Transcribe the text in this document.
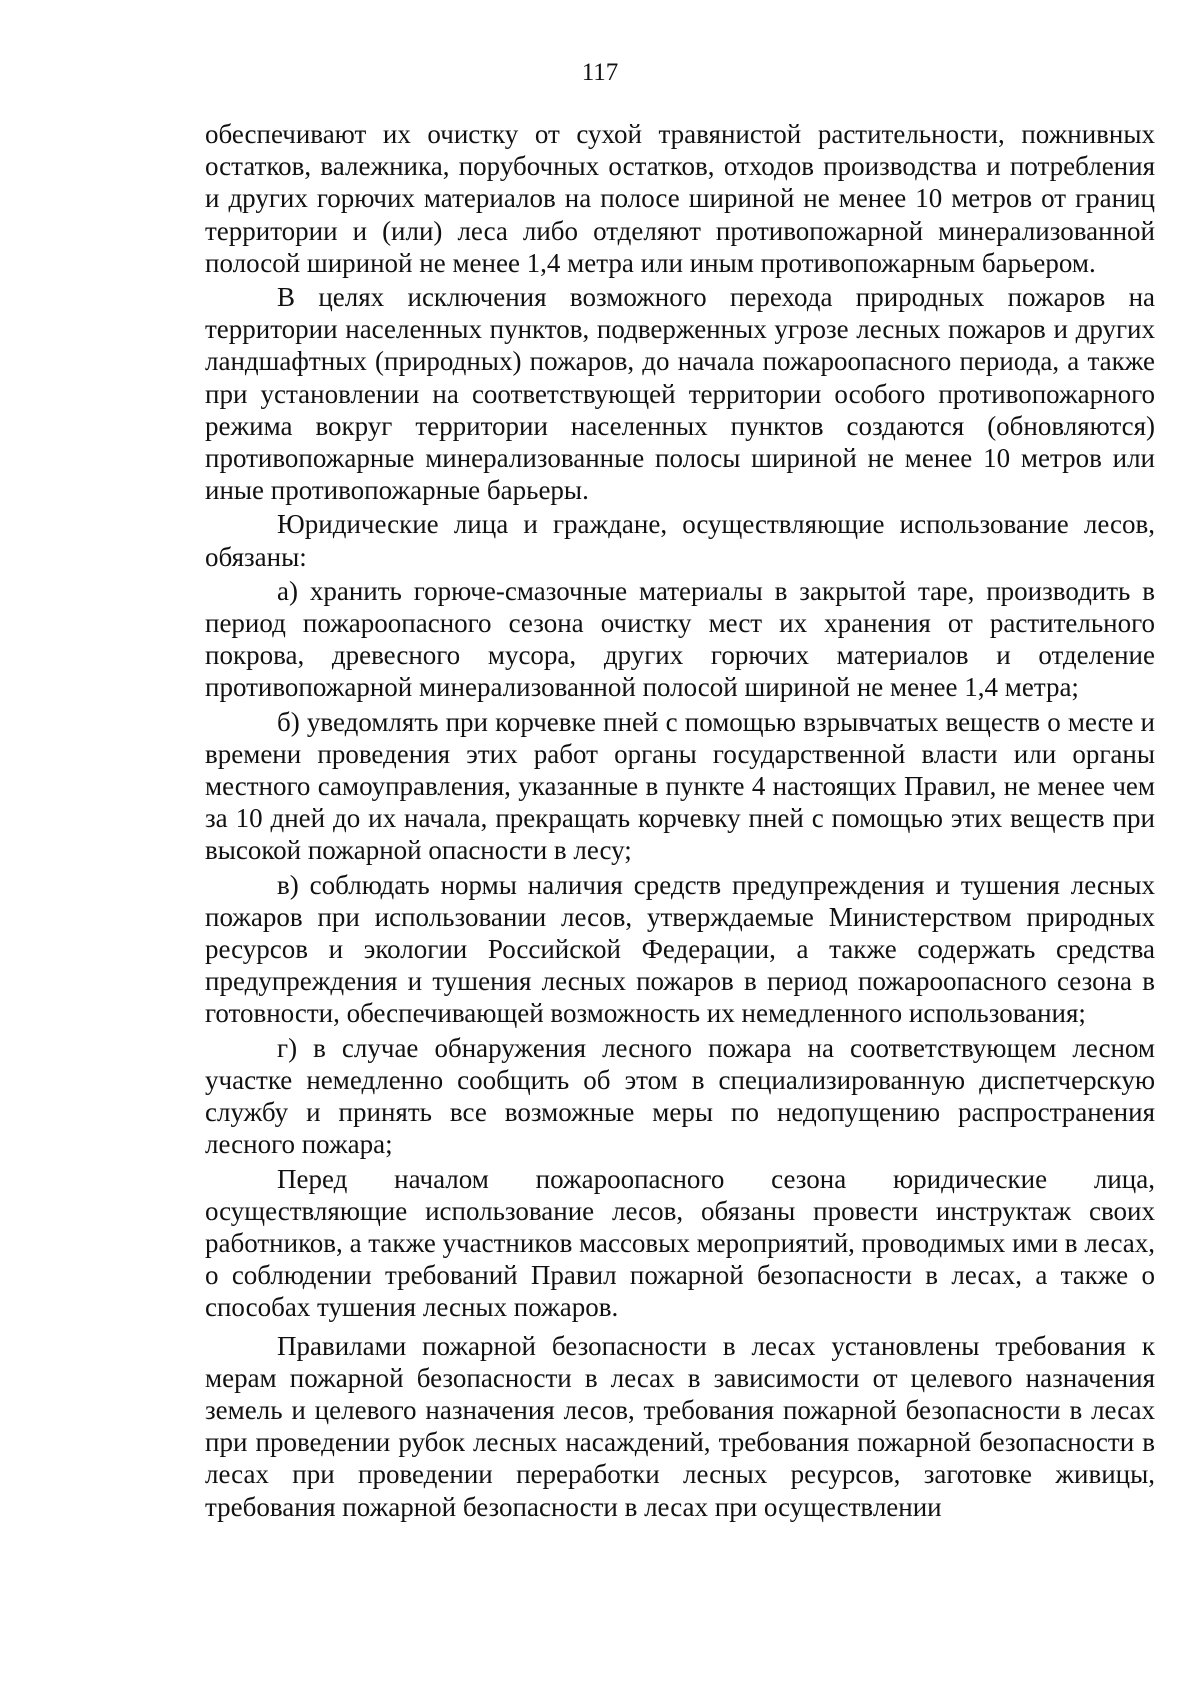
117

обеспечивают их очистку от сухой травянистой растительности, пожнивных остатков, валежника, порубочных остатков, отходов производства и потребления и других горючих материалов на полосе шириной не менее 10 метров от границ территории и (или) леса либо отделяют противопожарной минерализованной полосой шириной не менее 1,4 метра или иным противопожарным барьером.

В целях исключения возможного перехода природных пожаров на территории населенных пунктов, подверженных угрозе лесных пожаров и других ландшафтных (природных) пожаров, до начала пожароопасного периода, а также при установлении на соответствующей территории особого противопожарного режима вокруг территории населенных пунктов создаются (обновляются) противопожарные минерализованные полосы шириной не менее 10 метров или иные противопожарные барьеры.

Юридические лица и граждане, осуществляющие использование лесов, обязаны:

а) хранить горюче-смазочные материалы в закрытой таре, производить в период пожароопасного сезона очистку мест их хранения от растительного покрова, древесного мусора, других горючих материалов и отделение противопожарной минерализованной полосой шириной не менее 1,4 метра;

б) уведомлять при корчевке пней с помощью взрывчатых веществ о месте и времени проведения этих работ органы государственной власти или органы местного самоуправления, указанные в пункте 4 настоящих Правил, не менее чем за 10 дней до их начала, прекращать корчевку пней с помощью этих веществ при высокой пожарной опасности в лесу;

в) соблюдать нормы наличия средств предупреждения и тушения лесных пожаров при использовании лесов, утверждаемые Министерством природных ресурсов и экологии Российской Федерации, а также содержать средства предупреждения и тушения лесных пожаров в период пожароопасного сезона в готовности, обеспечивающей возможность их немедленного использования;

г) в случае обнаружения лесного пожара на соответствующем лесном участке немедленно сообщить об этом в специализированную диспетчерскую службу и принять все возможные меры по недопущению распространения лесного пожара;

Перед началом пожароопасного сезона юридические лица, осуществляющие использование лесов, обязаны провести инструктаж своих работников, а также участников массовых мероприятий, проводимых ими в лесах, о соблюдении требований Правил пожарной безопасности в лесах, а также о способах тушения лесных пожаров.

Правилами пожарной безопасности в лесах установлены требования к мерам пожарной безопасности в лесах в зависимости от целевого назначения земель и целевого назначения лесов, требования пожарной безопасности в лесах при проведении рубок лесных насаждений, требования пожарной безопасности в лесах при проведении переработки лесных ресурсов, заготовке живицы, требования пожарной безопасности в лесах при осуществлении
